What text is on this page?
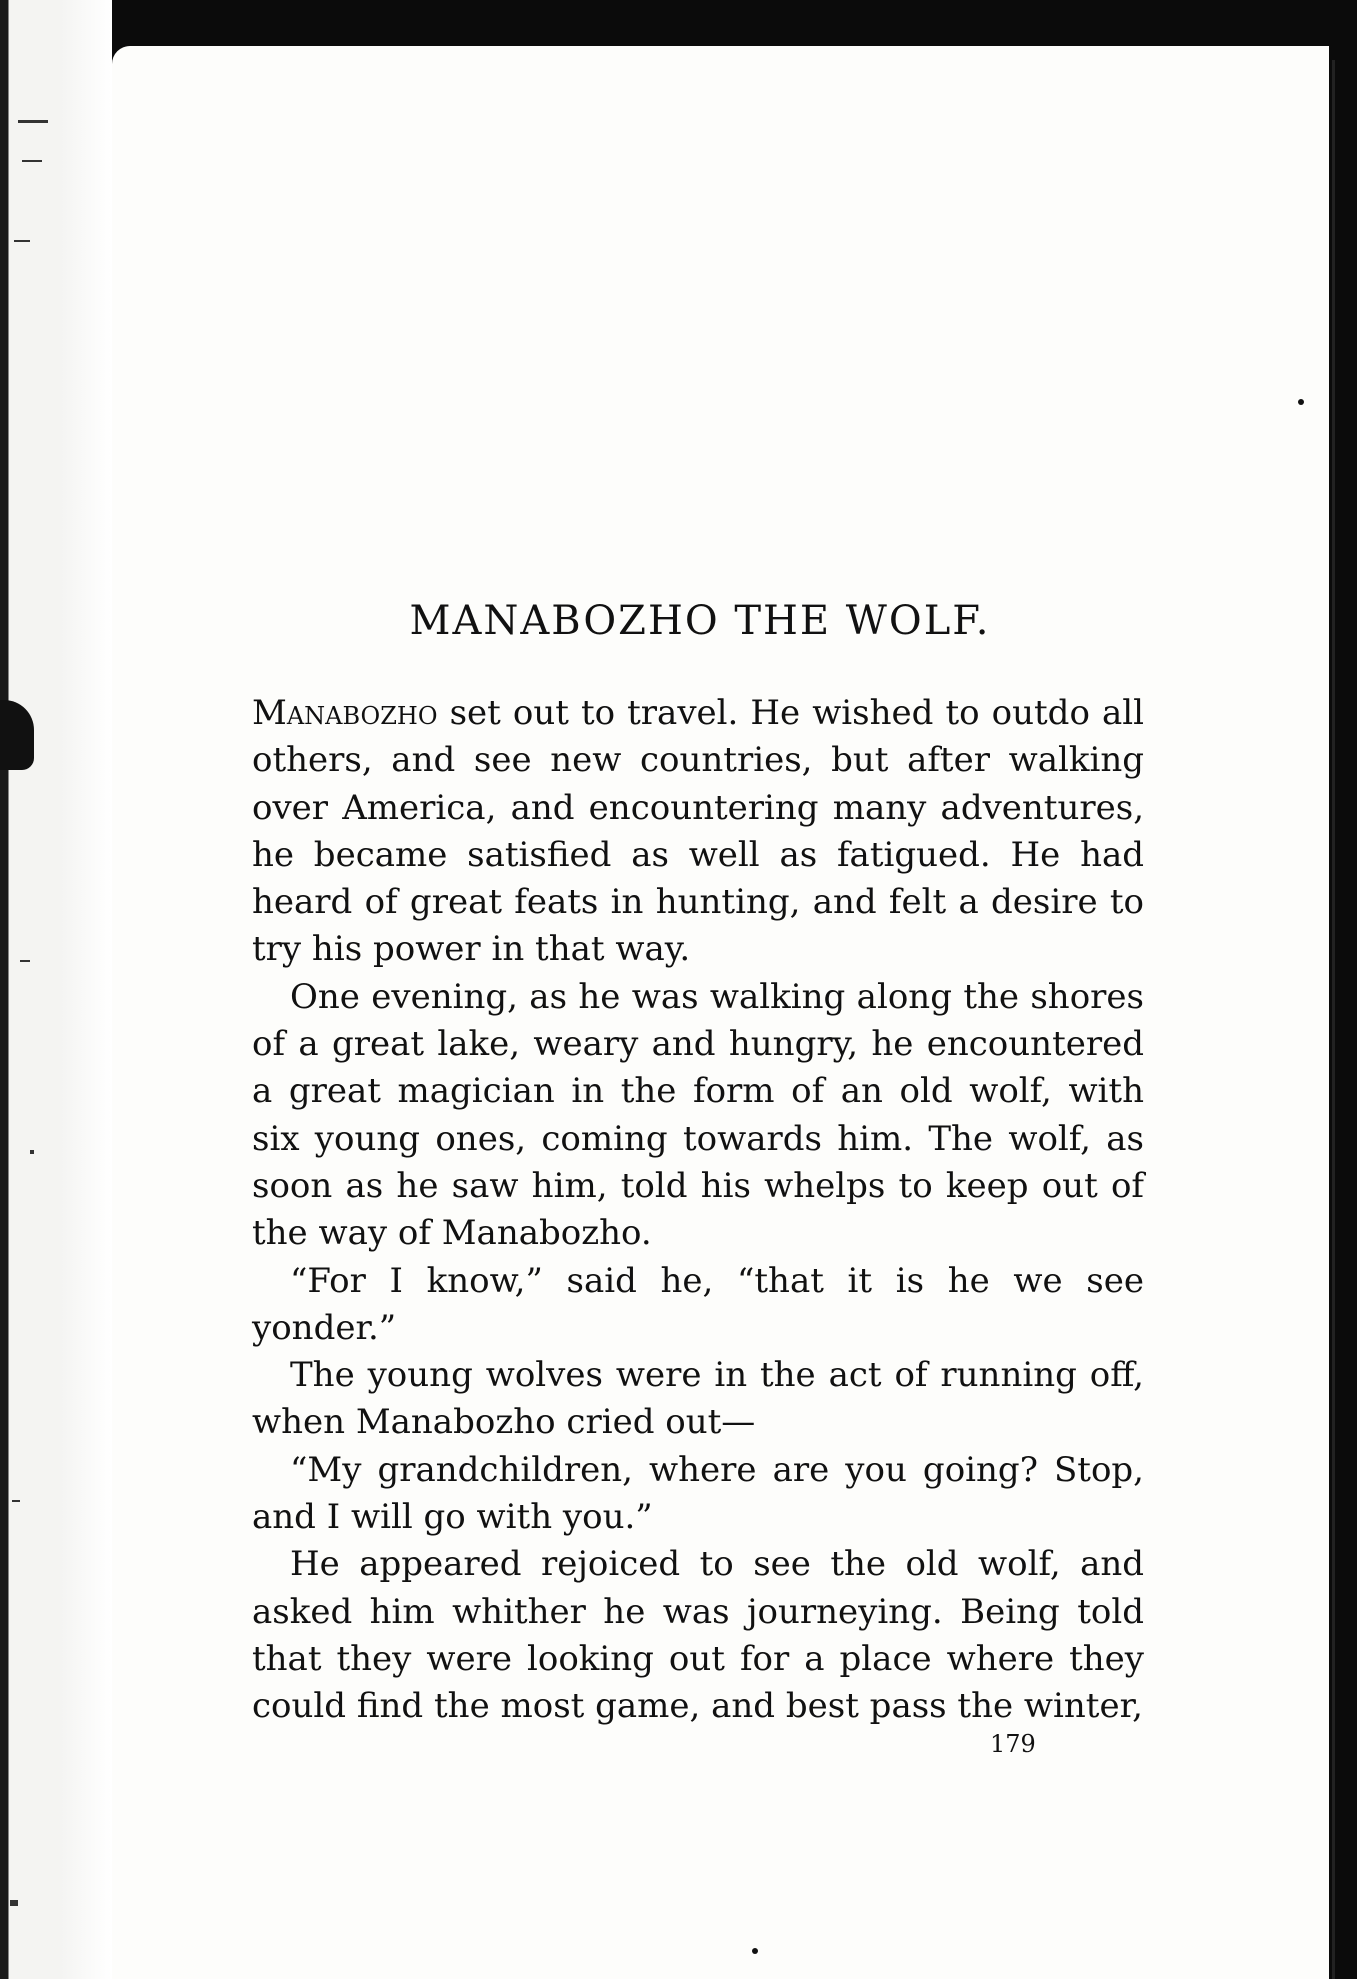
MANABOZHO THE WOLF.

Manabozho set out to travel. He wished to outdo all others, and see new countries, but after walking over America, and encountering many adventures, he became satisfied as well as fatigued. He had heard of great feats in hunting, and felt a desire to try his power in that way.

One evening, as he was walking along the shores of a great lake, weary and hungry, he encountered a great magician in the form of an old wolf, with six young ones, coming towards him. The wolf, as soon as he saw him, told his whelps to keep out of the way of Manabozho.

“For I know,” said he, “that it is he we see yonder.”

The young wolves were in the act of running off, when Manabozho cried out—

“My grandchildren, where are you going? Stop, and I will go with you.”

He appeared rejoiced to see the old wolf, and asked him whither he was journeying. Being told that they were looking out for a place where they could find the most game, and best pass the winter,

179
